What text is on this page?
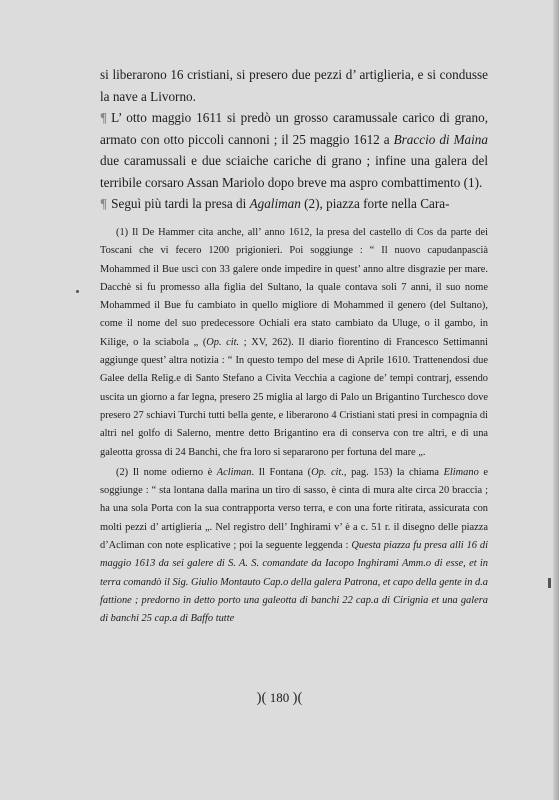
si liberarono 16 cristiani, si presero due pezzi d’ artiglieria, e si condusse la nave a Livorno.

¶ L’ otto maggio 1611 si predò un grosso caramussale carico di grano, armato con otto piccoli cannoni ; il 25 maggio 1612 a Braccio di Maina due caramussali e due sciaiche cariche di grano ; infine una galera del terribile corsaro Assan Mariolo dopo breve ma aspro combattimento (1).

¶ Seguì più tardi la presa di Agaliman (2), piazza forte nella Cara-

(1) Il De Hammer cita anche, all’ anno 1612, la presa del castello di Cos da parte dei Toscani che vi fecero 1200 prigionieri. Poi soggiunge : “ Il nuovo capudanpascià Mohammed il Bue uscì con 33 galere onde impedire in quest’ anno altre disgrazie per mare. Dacchè si fu promesso alla figlia del Sultano, la quale contava soli 7 anni, il suo nome Mohammed il Bue fu cambiato in quello migliore di Mohammed il genero (del Sultano), come il nome del suo predecessore Ochiali era stato cambiato da Uluge, o il gambo, in Kilige, o la sciabola „ (Op. cit. ; XV, 262). Il diario fiorentino di Francesco Settimanni aggiunge quest’ altra notizia : “ In questo tempo del mese di Aprile 1610. Trattenendosi due Galee della Relig.e di Santo Stefano a Civita Vecchia a cagione de’ tempi contrarj, essendo uscita un giorno a far legna, presero 25 miglia al largo di Palo un Brigantino Turchesco dove presero 27 schiavi Turchi tutti bella gente, e liberarono 4 Cristiani stati presi in compagnia di altri nel golfo di Salerno, mentre detto Brigantino era di conserva con tre altri, e di una galeotta grossa di 24 Banchi, che fra loro si separarono per fortuna del mare „.

(2) Il nome odierno è Acliman. Il Fontana (Op. cit., pag. 153) la chiama Elimano e soggiunge : “ sta lontana dalla marina un tiro di sasso, è cinta di mura alte circa 20 braccia ; ha una sola Porta con la sua contrapporta verso terra, e con una forte ritirata, assicurata con molti pezzi d’ artiglieria „. Nel registro dell’ Inghirami v’ è a c. 51 r. il disegno delle piazza d’Acliman con note esplicative ; poi la seguente leggenda : Questa piazza fu presa alli 16 di maggio 1613 da sei galere di S. A. S. comandate da Iacopo Inghirami Amm.o di esse, et in terra comandò il Sig. Giulio Montauto Cap.o della galera Patrona, et capo della gente in d.a fattione ; predorno in detto porto una galeotta di banchi 22 cap.a di Cirignia et una galera di banchi 25 cap.a di Baffo tutte

)( 180 )(
